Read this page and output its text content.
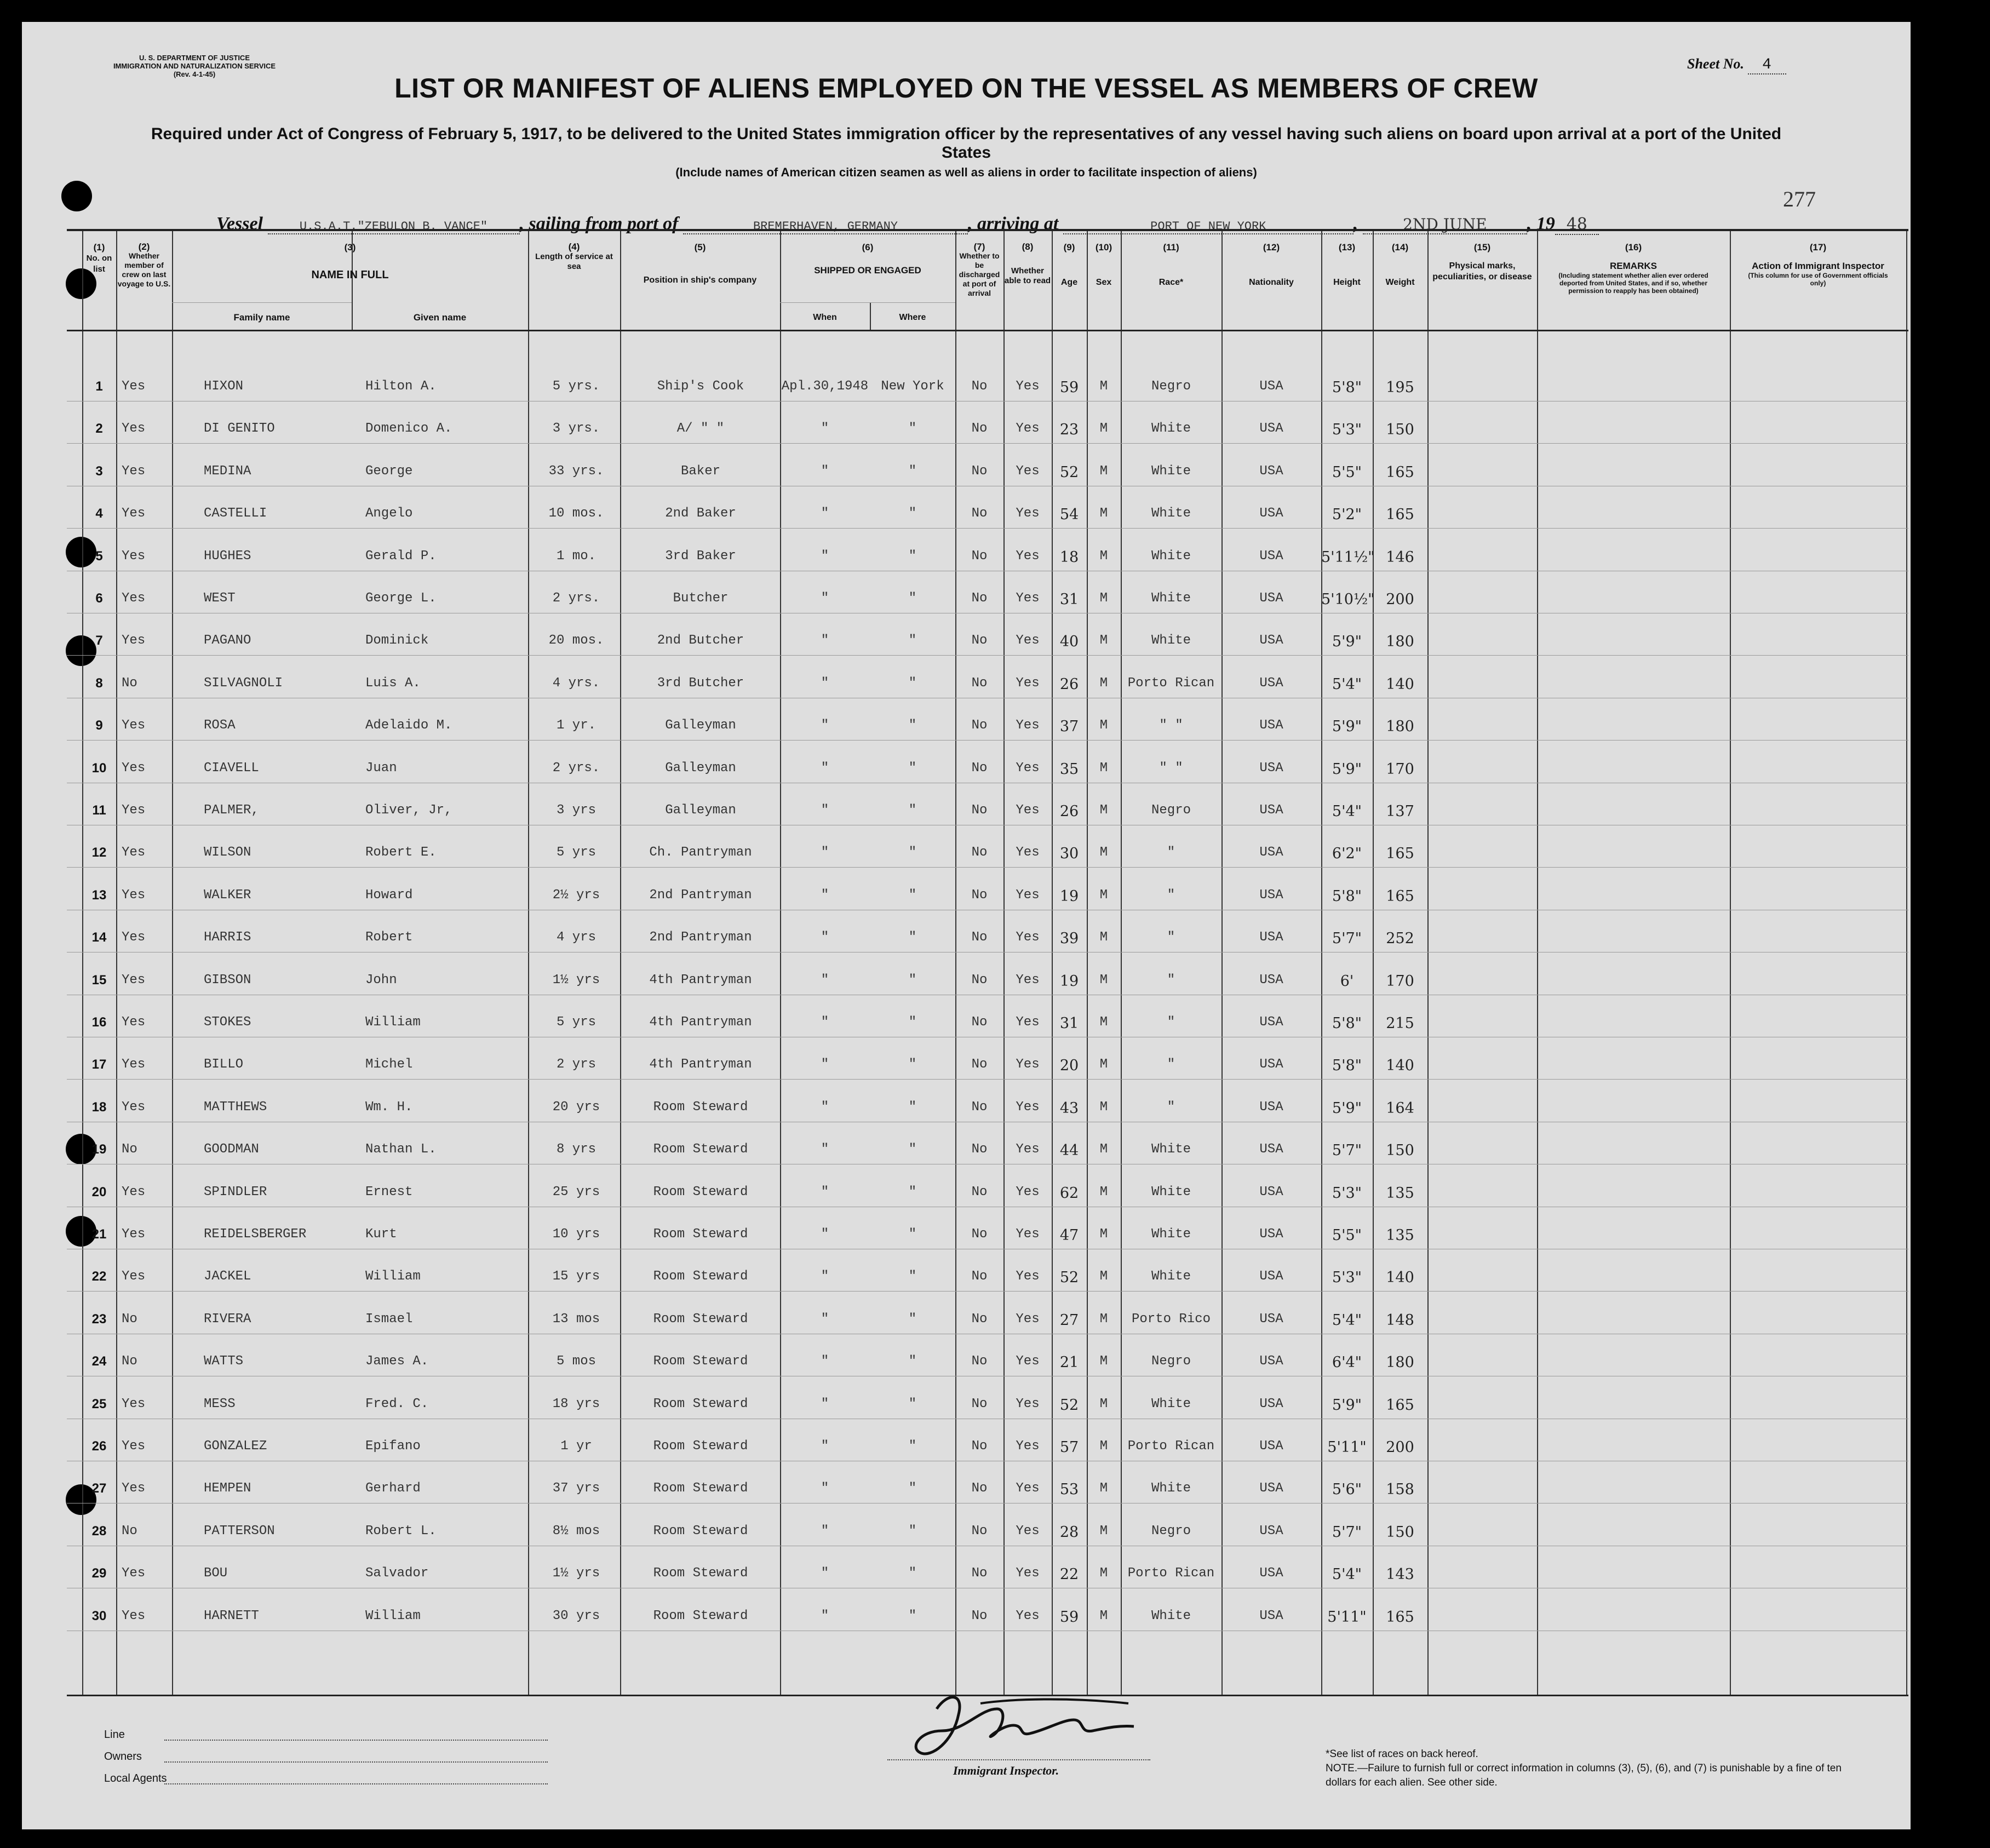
U. S. DEPARTMENT OF JUSTICE
IMMIGRATION AND NATURALIZATION SERVICE
(Rev. 4-1-45)
Sheet No. 4
LIST OR MANIFEST OF ALIENS EMPLOYED ON THE VESSEL AS MEMBERS OF CREW
Required under Act of Congress of February 5, 1917, to be delivered to the United States immigration officer by the representatives of any vessel having such aliens on board upon arrival at a port of the United States
(Include names of American citizen seamen as well as aliens in order to facilitate inspection of aliens)
277
Vessel	U.S.A.T."ZEBULON B. VANCE" , sailing from port of	BREMERHAVEN, GERMANY	, arriving at	PORT OF NEW YORK	,	2ND JUNE , 19 48
(1)
No. on list
(2)
Whether member of crew on last voyage to U.S.
(3)
NAME IN FULL
Family name	Given name
(4)
Length of service at sea
(5)
Position in ship's company
(6)
SHIPPED OR ENGAGED
When	Where
(7)
Whether to be discharged at port of arrival
(8)
Whether able to read
(9)
Age
(10)
Sex
(11)
Race*
(12)
Nationality
(13)
Height
(14)
Weight
(15)
Physical marks, peculiarities, or disease
(16)
REMARKS
(Including statement whether alien ever ordered deported from United States, and if so, whether permission to reapply has been obtained)
(17)
Action of Immigrant Inspector
(This column for use of Government officials only)
1	Yes	HIXON	Hilton A.	5 yrs.	Ship's Cook	Apl.30,1948 New York	No	Yes	59	M	Negro	USA	5'8"	195
2	Yes	DI GENITO	Domenico A.	3 yrs.	A/ " "	"	"	No	Yes	23	M	White	USA	5'3"	150
3	Yes	MEDINA	George	33 yrs.	Baker	"	"	No	Yes	52	M	White	USA	5'5"	165
4	Yes	CASTELLI	Angelo	10 mos.	2nd Baker	"	"	No	Yes	54	M	White	USA	5'2"	165
5	Yes	HUGHES	Gerald P.	1 mo.	3rd Baker	"	"	No	Yes	18	M	White	USA	5'11½" 146
6	Yes	WEST	George L.	2 yrs.	Butcher	"	"	No	Yes	31	M	White	USA	5'10½" 200
7	Yes	PAGANO	Dominick	20 mos.	2nd Butcher	"	"	No	Yes	40	M	White	USA	5'9"	180
8	No	SILVAGNOLI	Luis A.	4 yrs.	3rd Butcher	"	"	No	Yes	26	M	Porto Rican	USA	5'4"	140
9	Yes	ROSA	Adelaido M.	1 yr.	Galleyman	"	"	No	Yes	37	M	" "	USA	5'9"	180
10	Yes	CIAVELL	Juan	2 yrs.	Galleyman	"	"	No	Yes	35	M	" "	USA	5'9"	170
11	Yes	PALMER,	Oliver, Jr,	3 yrs	Galleyman	"	"	No	Yes	26	M	Negro	USA	5'4"	137
12	Yes	WILSON	Robert E.	5 yrs	Ch. Pantryman	"	"	No	Yes	30	M	"	USA	6'2"	165
13	Yes	WALKER	Howard	2½ yrs	2nd Pantryman	"	"	No	Yes	19	M	"	USA	5'8"	165
14	Yes	HARRIS	Robert	4 yrs	2nd Pantryman	"	"	No	Yes	39	M	"	USA	5'7"	252
15	Yes	GIBSON	John	1½ yrs	4th Pantryman	"	"	No	Yes	19	M	"	USA	6'	170
16	Yes	STOKES	William	5 yrs	4th Pantryman	"	"	No	Yes	31	M	"	USA	5'8"	215
17	Yes	BILLO	Michel	2 yrs	4th Pantryman	"	"	No	Yes	20	M	"	USA	5'8"	140
18	Yes	MATTHEWS	Wm. H.	20 yrs	Room Steward	"	"	No	Yes	43	M	"	USA	5'9"	164
19	No	GOODMAN	Nathan L.	8 yrs	Room Steward	"	"	No	Yes	44	M	White	USA	5'7"	150
20	Yes	SPINDLER	Ernest	25 yrs	Room Steward	"	"	No	Yes	62	M	White	USA	5'3"	135
21	Yes	REIDELSBERGER	Kurt	10 yrs	Room Steward	"	"	No	Yes	47	M	White	USA	5'5"	135
22	Yes	JACKEL	William	15 yrs	Room Steward	"	"	No	Yes	52	M	White	USA	5'3"	140
23	No	RIVERA	Ismael	13 mos	Room Steward	"	"	No	Yes	27	M	Porto Rico	USA	5'4"	148
24	No	WATTS	James A.	5 mos	Room Steward	"	"	No	Yes	21	M	Negro	USA	6'4"	180
25	Yes	MESS	Fred. C.	18 yrs	Room Steward	"	"	No	Yes	52	M	White	USA	5'9"	165
26	Yes	GONZALEZ	Epifano	1 yr	Room Steward	"	"	No	Yes	57	M	Porto Rican	USA	5'11"	200
27	Yes	HEMPEN	Gerhard	37 yrs	Room Steward	"	"	No	Yes	53	M	White	USA	5'6"	158
28	No	PATTERSON	Robert L.	8½ mos	Room Steward	"	"	No	Yes	28	M	Negro	USA	5'7"	150
29	Yes	BOU	Salvador	1½ yrs	Room Steward	"	"	No	Yes	22	M	Porto Rican	USA	5'4"	143
30	Yes	HARNETT	William	30 yrs	Room Steward	"	"	No	Yes	59	M	White	USA	5'11"	165
Line
Owners
Local Agents
Immigrant Inspector.
*See list of races on back hereof.
NOTE.—Failure to furnish full or correct information in columns (3), (5), (6), and (7) is punishable by a fine of ten dollars for each alien. See other side.
